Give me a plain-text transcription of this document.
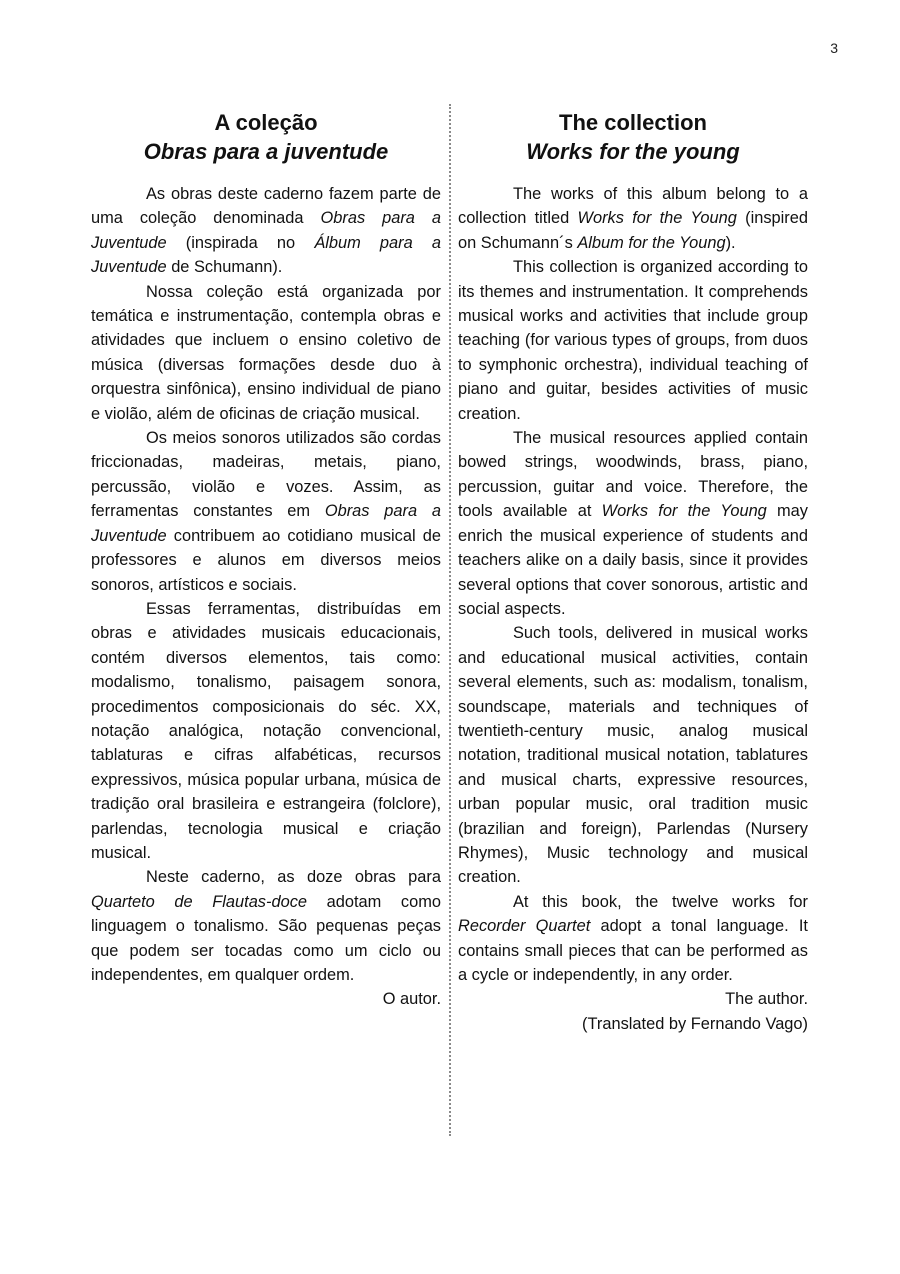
3
A coleção
Obras para a juventude

As obras deste caderno fazem parte de uma coleção denominada Obras para a Juventude (inspirada no Álbum para a Juventude de Schumann).

Nossa coleção está organizada por temática e instrumentação, contempla obras e atividades que incluem o ensino coletivo de música (diversas formações desde duo à orquestra sinfônica), ensino individual de piano e violão, além de oficinas de criação musical.

Os meios sonoros utilizados são cordas friccionadas, madeiras, metais, piano, percussão, violão e vozes. Assim, as ferramentas constantes em Obras para a Juventude contribuem ao cotidiano musical de professores e alunos em diversos meios sonoros, artísticos e sociais.

Essas ferramentas, distribuídas em obras e atividades musicais educacionais, contém diversos elementos, tais como: modalismo, tonalismo, paisagem sonora, procedimentos composicionais do séc. XX, notação analógica, notação convencional, tablaturas e cifras alfabéticas, recursos expressivos, música popular urbana, música de tradição oral brasileira e estrangeira (folclore), parlendas, tecnologia musical e criação musical.

Neste caderno, as doze obras para Quarteto de Flautas-doce adotam como linguagem o tonalismo. São pequenas peças que podem ser tocadas como um ciclo ou independentes, em qualquer ordem.

O autor.

The collection
Works for the young

The works of this album belong to a collection titled Works for the Young (inspired on Schumann´s Album for the Young).

This collection is organized according to its themes and instrumentation. It comprehends musical works and activities that include group teaching (for various types of groups, from duos to symphonic orchestra), individual teaching of piano and guitar, besides activities of music creation.

The musical resources applied contain bowed strings, woodwinds, brass, piano, percussion, guitar and voice. Therefore, the tools available at Works for the Young may enrich the musical experience of students and teachers alike on a daily basis, since it provides several options that cover sonorous, artistic and social aspects.

Such tools, delivered in musical works and educational musical activities, contain several elements, such as: modalism, tonalism, soundscape, materials and techniques of twentieth-century music, analog musical notation, traditional musical notation, tablatures and musical charts, expressive resources, urban popular music, oral tradition music (brazilian and foreign), Parlendas (Nursery Rhymes), Music technology and musical creation.

At this book, the twelve works for Recorder Quartet adopt a tonal language. It contains small pieces that can be performed as a cycle or independently, in any order.

The author.

(Translated by Fernando Vago)
